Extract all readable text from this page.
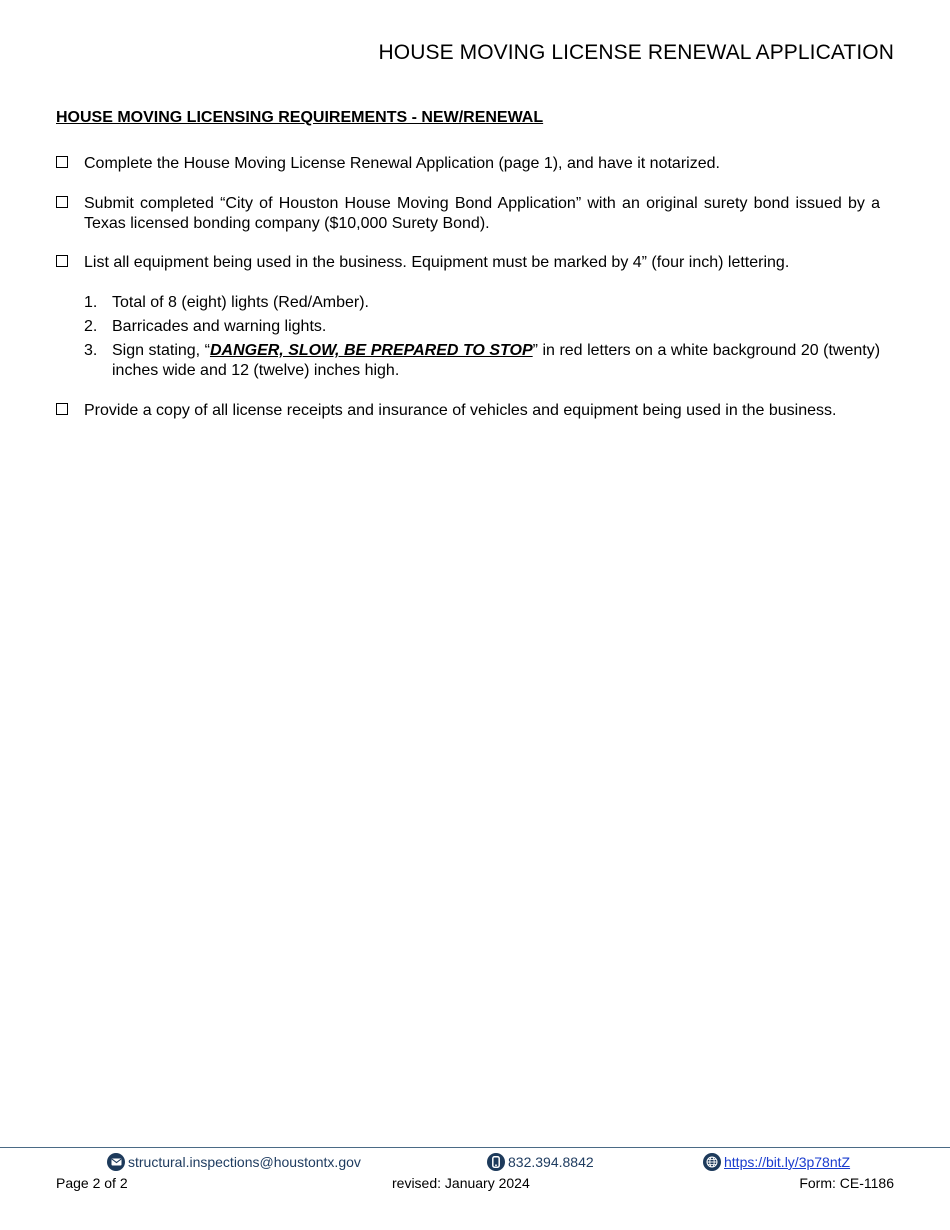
HOUSE MOVING LICENSE RENEWAL APPLICATION
HOUSE MOVING LICENSING REQUIREMENTS - NEW/RENEWAL
Complete the House Moving License Renewal Application (page 1), and have it notarized.
Submit completed “City of Houston House Moving Bond Application” with an original surety bond issued by a Texas licensed bonding company ($10,000 Surety Bond).
List all equipment being used in the business. Equipment must be marked by 4” (four inch) lettering.
1. Total of 8 (eight) lights (Red/Amber).
2. Barricades and warning lights.
3. Sign stating, “DANGER, SLOW, BE PREPARED TO STOP” in red letters on a white background 20 (twenty) inches wide and 12 (twelve) inches high.
Provide a copy of all license receipts and insurance of vehicles and equipment being used in the business.
structural.inspections@houstontx.gov	832.394.8842	https://bit.ly/3p78ntZ
Page 2 of 2	revised: January 2024	Form: CE-1186
